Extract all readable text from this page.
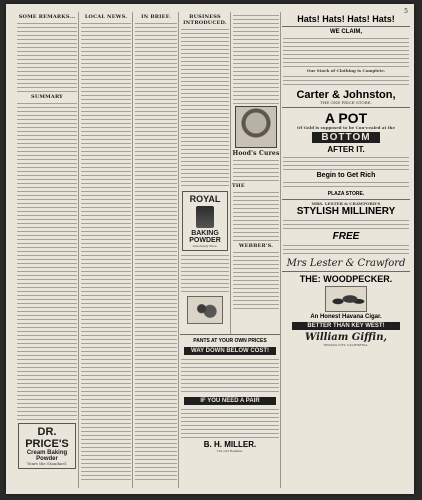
5
SOME REMARKS...
SUMMARY
DR. PRICE'S
Cream Baking Powder
Years the Standard.
LOCAL NEWS.	IN BRIEF.	BUSINESS INTRODUCED.
ROYAL
BAKING
POWDER
Absolutely Pure.
Hood's Cures
THE
WEBBER'S.
PANTS AT YOUR OWN PRICES
WAY DOWN BELOW COST!
IF YOU NEED A PAIR
B. H. MILLER.
The Old Reliable.
Hats! Hats! Hats! Hats!
WE CLAIM,
Our Stock of Clothing is Complete.
Carter & Johnston,
THE ONE PRICE STORE.
A POT
Of Gold is supposed to be Con-cealed at the
BOTTOM
AFTER IT.
Begin to Get Rich
PLAZA STORE.
MRS. LESTER & CRAWFORD'S
STYLISH MILLINERY
FREE
Mrs Lester & Crawford
THE: WOODPECKER.
An Honest Havana Cigar.
BETTER THAN KEY WEST!
William Giffin,
NEVADA CITY, CALIFORNIA.
